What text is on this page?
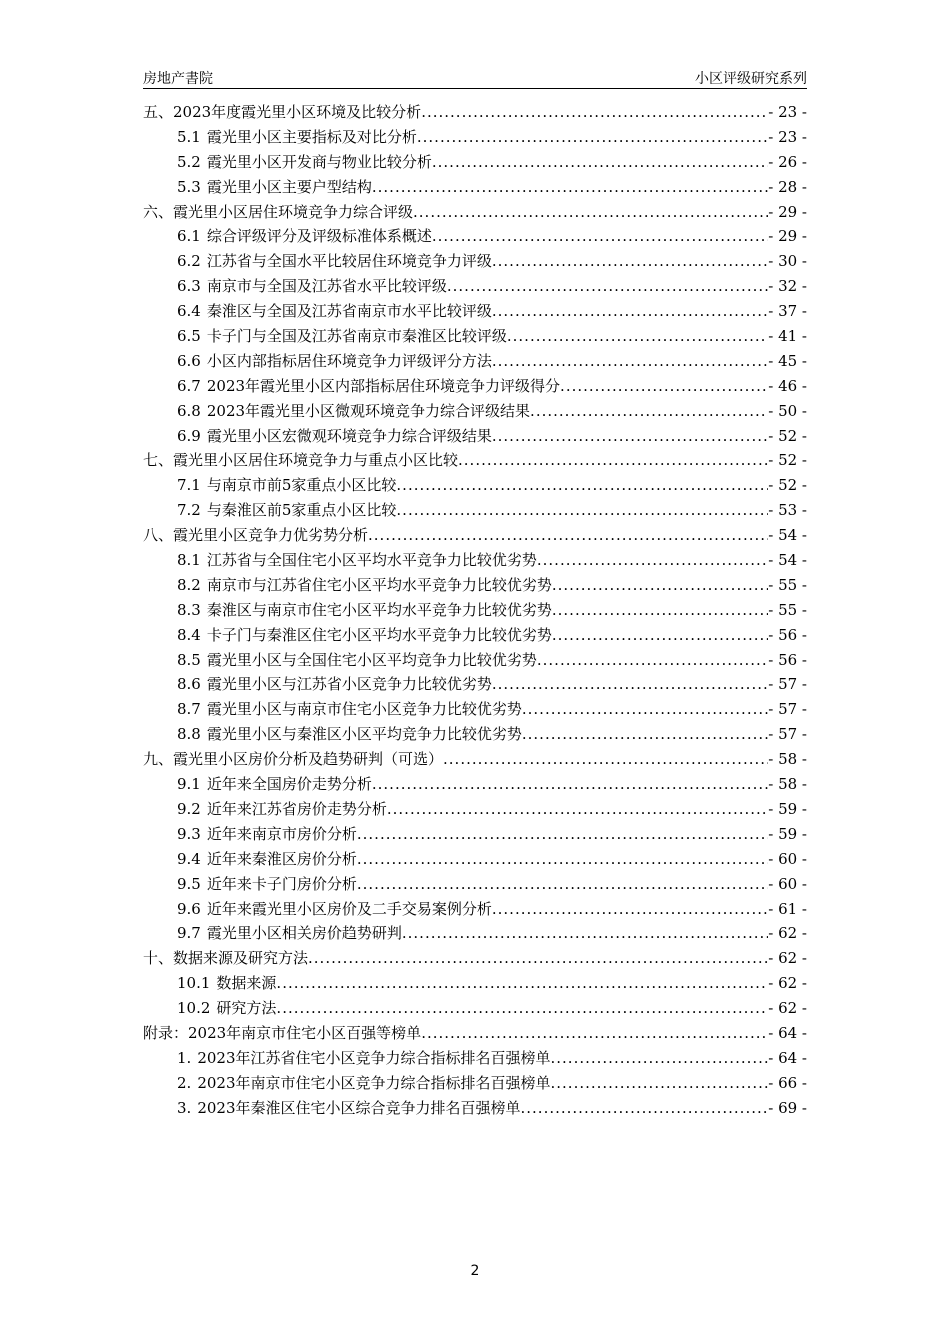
房地产書院	小区评级研究系列
五、2023年度霞光里小区环境及比较分析 .....	- 23 -
5.1 霞光里小区主要指标及对比分析 .....	- 23 -
5.2 霞光里小区开发商与物业比较分析 .....	- 26 -
5.3 霞光里小区主要户型结构 .....	- 28 -
六、霞光里小区居住环境竞争力综合评级 .....	- 29 -
6.1 综合评级评分及评级标准体系概述 .....	- 29 -
6.2 江苏省与全国水平比较居住环境竞争力评级 .....	- 30 -
6.3 南京市与全国及江苏省水平比较评级 .....	- 32 -
6.4 秦淮区与全国及江苏省南京市水平比较评级 .....	- 37 -
6.5 卡子门与全国及江苏省南京市秦淮区比较评级 .....	- 41 -
6.6 小区内部指标居住环境竞争力评级评分方法 .....	- 45 -
6.7 2023年霞光里小区内部指标居住环境竞争力评级得分 .....	- 46 -
6.8 2023年霞光里小区微观环境竞争力综合评级结果 .....	- 50 -
6.9 霞光里小区宏微观环境竞争力综合评级结果 .....	- 52 -
七、霞光里小区居住环境竞争力与重点小区比较 .....	- 52 -
7.1 与南京市前5家重点小区比较 .....	- 52 -
7.2 与秦淮区前5家重点小区比较 .....	- 53 -
八、霞光里小区竞争力优劣势分析 .....	- 54 -
8.1 江苏省与全国住宅小区平均水平竞争力比较优劣势 .....	- 54 -
8.2 南京市与江苏省住宅小区平均水平竞争力比较优劣势 .....	- 55 -
8.3 秦淮区与南京市住宅小区平均水平竞争力比较优劣势 .....	- 55 -
8.4 卡子门与秦淮区住宅小区平均水平竞争力比较优劣势 .....	- 56 -
8.5 霞光里小区与全国住宅小区平均竞争力比较优劣势 .....	- 56 -
8.6 霞光里小区与江苏省小区竞争力比较优劣势 .....	- 57 -
8.7 霞光里小区与南京市住宅小区竞争力比较优劣势 .....	- 57 -
8.8 霞光里小区与秦淮区小区平均竞争力比较优劣势 .....	- 57 -
九、霞光里小区房价分析及趋势研判（可选） .....	- 58 -
9.1 近年来全国房价走势分析 .....	- 58 -
9.2 近年来江苏省房价走势分析 .....	- 59 -
9.3 近年来南京市房价分析 .....	- 59 -
9.4 近年来秦淮区房价分析 .....	- 60 -
9.5 近年来卡子门房价分析 .....	- 60 -
9.6 近年来霞光里小区房价及二手交易案例分析 .....	- 61 -
9.7 霞光里小区相关房价趋势研判 .....	- 62 -
十、数据来源及研究方法 .....	- 62 -
10.1 数据来源 .....	- 62 -
10.2 研究方法 .....	- 62 -
附录：2023年南京市住宅小区百强等榜单 .....	- 64 -
1. 2023年江苏省住宅小区竞争力综合指标排名百强榜单 .....	- 64 -
2. 2023年南京市住宅小区竞争力综合指标排名百强榜单 .....	- 66 -
3. 2023年秦淮区住宅小区综合竞争力排名百强榜单 .....	- 69 -
2
